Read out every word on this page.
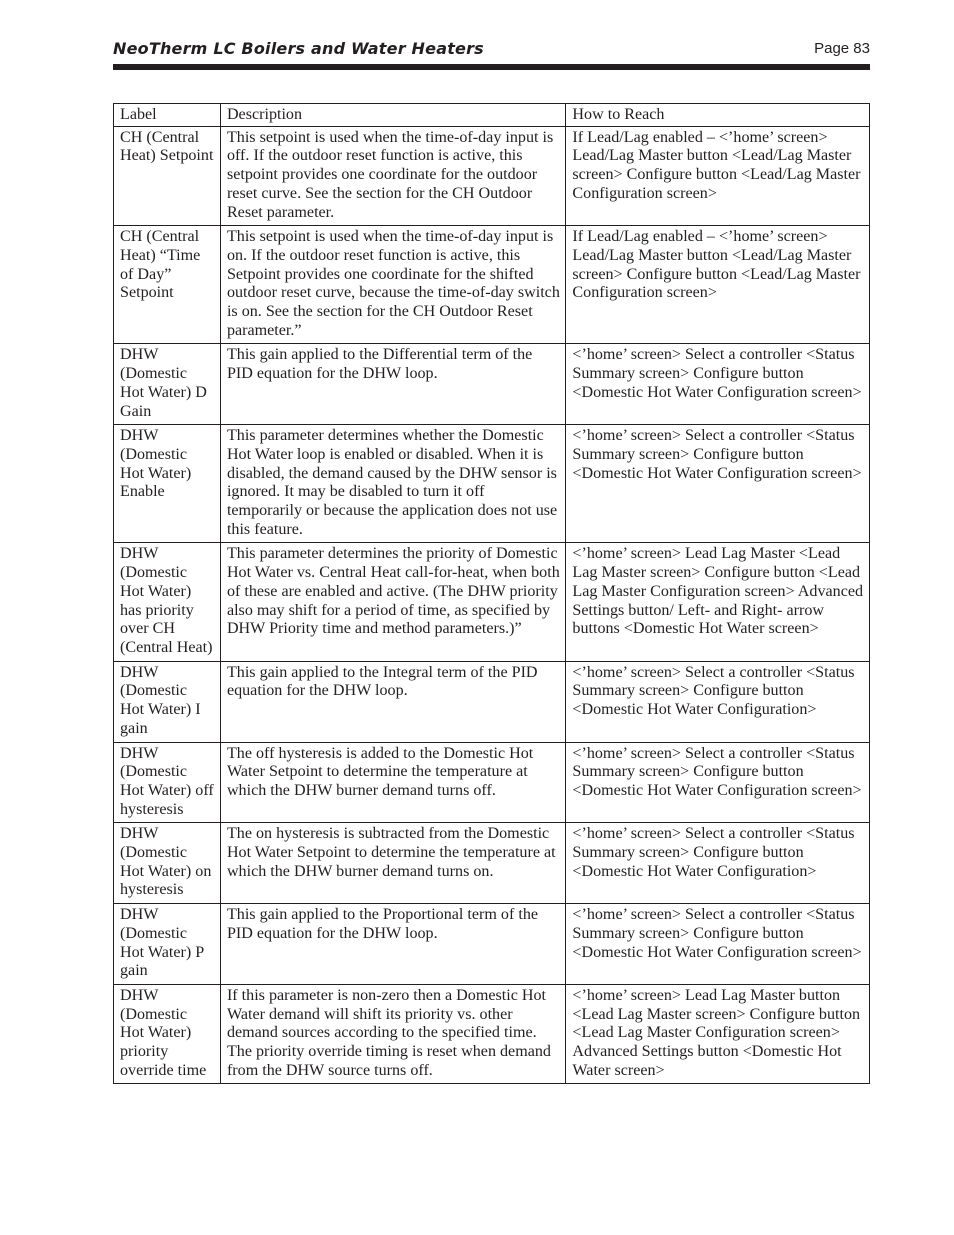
NeoTherm LC Boilers and Water Heaters	Page 83
Label	Description	How to Reach
CH (Central Heat) Setpoint	This setpoint is used when the time-of-day input is off. If the outdoor reset function is active, this setpoint provides one coordinate for the outdoor reset curve. See the section for the CH Outdoor Reset parameter.	If Lead/Lag enabled – <’home’ screen> Lead/Lag Master button <Lead/Lag Master screen> Configure button <Lead/Lag Master Configuration screen>
CH (Central Heat) “Time of Day” Setpoint	This setpoint is used when the time-of-day input is on. If the outdoor reset function is active, this Setpoint provides one coordinate for the shifted outdoor reset curve, because the time-of-day switch is on. See the section for the CH Outdoor Reset parameter.”	If Lead/Lag enabled – <’home’ screen> Lead/Lag Master button <Lead/Lag Master screen> Configure button <Lead/Lag Master Configuration screen>
DHW (Domestic Hot Water) D Gain	This gain applied to the Differential term of the PID equation for the DHW loop.	<’home’ screen> Select a controller <Status Summary screen> Configure button <Domestic Hot Water Configuration screen>
DHW (Domestic Hot Water) Enable	This parameter determines whether the Domestic Hot Water loop is enabled or disabled. When it is disabled, the demand caused by the DHW sensor is ignored. It may be disabled to turn it off temporarily or because the application does not use this feature.	<’home’ screen> Select a controller <Status Summary screen> Configure button <Domestic Hot Water Configuration screen>
DHW (Domestic Hot Water) has priority over CH (Central Heat)	This parameter determines the priority of Domestic Hot Water vs. Central Heat call-for-heat, when both of these are enabled and active. (The DHW priority also may shift for a period of time, as specified by DHW Priority time and method parameters.)”	<’home’ screen> Lead Lag Master <Lead Lag Master screen> Configure button <Lead Lag Master Configuration screen> Advanced Settings button/ Left- and Right- arrow buttons <Domestic Hot Water screen>
DHW (Domestic Hot Water) I gain	This gain applied to the Integral term of the PID equation for the DHW loop.	<’home’ screen> Select a controller <Status Summary screen> Configure button <Domestic Hot Water Configuration>
DHW (Domestic Hot Water) off hysteresis	The off hysteresis is added to the Domestic Hot Water Setpoint to determine the temperature at which the DHW burner demand turns off.	<’home’ screen> Select a controller <Status Summary screen> Configure button <Domestic Hot Water Configuration screen>
DHW (Domestic Hot Water) on hysteresis	The on hysteresis is subtracted from the Domestic Hot Water Setpoint to determine the temperature at which the DHW burner demand turns on.	<’home’ screen> Select a controller <Status Summary screen> Configure button <Domestic Hot Water Configuration>
DHW (Domestic Hot Water) P gain	This gain applied to the Proportional term of the PID equation for the DHW loop.	<’home’ screen> Select a controller <Status Summary screen> Configure button <Domestic Hot Water Configuration screen>
DHW (Domestic Hot Water) priority override time	If this parameter is non-zero then a Domestic Hot Water demand will shift its priority vs. other demand sources according to the specified time. The priority override timing is reset when demand from the DHW source turns off.	<’home’ screen> Lead Lag Master button <Lead Lag Master screen> Configure button <Lead Lag Master Configuration screen> Advanced Settings button <Domestic Hot Water screen>
